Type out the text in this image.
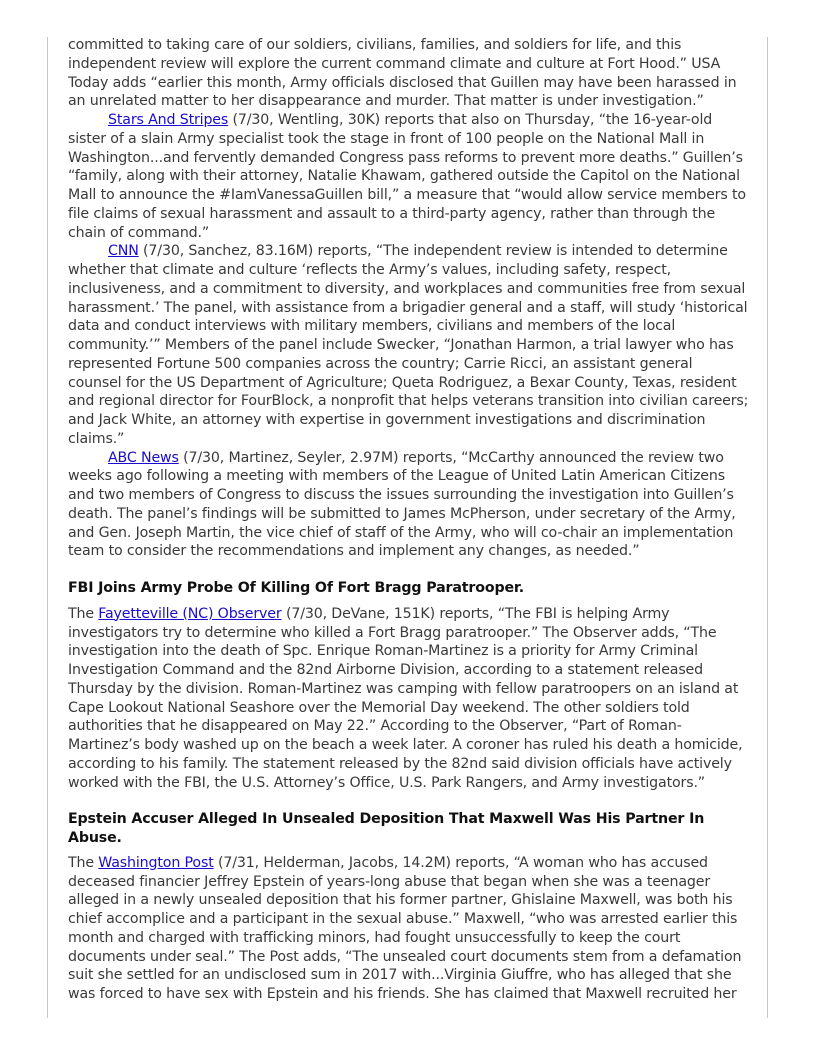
committed to taking care of our soldiers, civilians, families, and soldiers for life, and this independent review will explore the current command climate and culture at Fort Hood.” USA Today adds “earlier this month, Army officials disclosed that Guillen may have been harassed in an unrelated matter to her disappearance and murder. That matter is under investigation.”

Stars And Stripes (7/30, Wentling, 30K) reports that also on Thursday, “the 16-year-old sister of a slain Army specialist took the stage in front of 100 people on the National Mall in Washington...and fervently demanded Congress pass reforms to prevent more deaths.” Guillen’s “family, along with their attorney, Natalie Khawam, gathered outside the Capitol on the National Mall to announce the #IamVanessaGuillen bill,” a measure that “would allow service members to file claims of sexual harassment and assault to a third-party agency, rather than through the chain of command.”

CNN (7/30, Sanchez, 83.16M) reports, “The independent review is intended to determine whether that climate and culture ‘reflects the Army’s values, including safety, respect, inclusiveness, and a commitment to diversity, and workplaces and communities free from sexual harassment.’ The panel, with assistance from a brigadier general and a staff, will study ‘historical data and conduct interviews with military members, civilians and members of the local community.’” Members of the panel include Swecker, “Jonathan Harmon, a trial lawyer who has represented Fortune 500 companies across the country; Carrie Ricci, an assistant general counsel for the US Department of Agriculture; Queta Rodriguez, a Bexar County, Texas, resident and regional director for FourBlock, a nonprofit that helps veterans transition into civilian careers; and Jack White, an attorney with expertise in government investigations and discrimination claims.”

ABC News (7/30, Martinez, Seyler, 2.97M) reports, “McCarthy announced the review two weeks ago following a meeting with members of the League of United Latin American Citizens and two members of Congress to discuss the issues surrounding the investigation into Guillen’s death. The panel’s findings will be submitted to James McPherson, under secretary of the Army, and Gen. Joseph Martin, the vice chief of staff of the Army, who will co-chair an implementation team to consider the recommendations and implement any changes, as needed.”

FBI Joins Army Probe Of Killing Of Fort Bragg Paratrooper.

The Fayetteville (NC) Observer (7/30, DeVane, 151K) reports, “The FBI is helping Army investigators try to determine who killed a Fort Bragg paratrooper.” The Observer adds, “The investigation into the death of Spc. Enrique Roman-Martinez is a priority for Army Criminal Investigation Command and the 82nd Airborne Division, according to a statement released Thursday by the division. Roman-Martinez was camping with fellow paratroopers on an island at Cape Lookout National Seashore over the Memorial Day weekend. The other soldiers told authorities that he disappeared on May 22.” According to the Observer, “Part of Roman-Martinez’s body washed up on the beach a week later. A coroner has ruled his death a homicide, according to his family. The statement released by the 82nd said division officials have actively worked with the FBI, the U.S. Attorney’s Office, U.S. Park Rangers, and Army investigators.”

Epstein Accuser Alleged In Unsealed Deposition That Maxwell Was His Partner In Abuse.

The Washington Post (7/31, Helderman, Jacobs, 14.2M) reports, “A woman who has accused deceased financier Jeffrey Epstein of years-long abuse that began when she was a teenager alleged in a newly unsealed deposition that his former partner, Ghislaine Maxwell, was both his chief accomplice and a participant in the sexual abuse.” Maxwell, “who was arrested earlier this month and charged with trafficking minors, had fought unsuccessfully to keep the court documents under seal.” The Post adds, “The unsealed court documents stem from a defamation suit she settled for an undisclosed sum in 2017 with...Virginia Giuffre, who has alleged that she was forced to have sex with Epstein and his friends. She has claimed that Maxwell recruited her
